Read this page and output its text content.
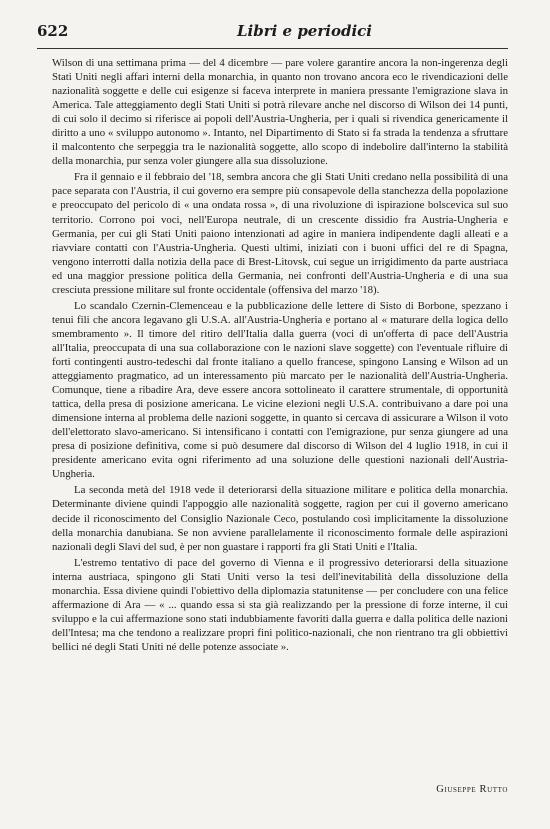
622	Libri e periodici

Wilson di una settimana prima — del 4 dicembre — pare volere garantire ancora la non-ingerenza degli Stati Uniti negli affari interni della monarchia, in quanto non trovano ancora eco le rivendicazioni delle nazionalità soggette e delle cui esigenze si faceva interprete in maniera pressante l'emigrazione slava in America. Tale atteggiamento degli Stati Uniti si potrà rilevare anche nel discorso di Wilson dei 14 punti, di cui solo il decimo si riferisce ai popoli dell'Austria-Ungheria, per i quali si rivendica genericamente il diritto a uno « sviluppo autonomo ». Intanto, nel Dipartimento di Stato si fa strada la tendenza a sfruttare il malcontento che serpeggia tra le nazionalità soggette, allo scopo di indebolire dall'interno la stabilità della monarchia, pur senza voler giungere alla sua dissoluzione.

Fra il gennaio e il febbraio del '18, sembra ancora che gli Stati Uniti credano nella possibilità di una pace separata con l'Austria, il cui governo era sempre più consapevole della stanchezza della popolazione e preoccupato del pericolo di « una ondata rossa », di una rivoluzione di ispirazione bolscevica sul suo territorio. Corrono poi voci, nell'Europa neutrale, di un crescente dissidio fra Austria-Ungheria e Germania, per cui gli Stati Uniti paiono intenzionati ad agire in maniera indipendente dagli alleati e a riavviare contatti con l'Austria-Ungheria. Questi ultimi, iniziati con i buoni uffici del re di Spagna, vengono interrotti dalla notizia della pace di Brest-Litovsk, cui segue un irrigidimento da parte austriaca ed una maggior pressione politica della Germania, nei confronti dell'Austria-Ungheria e di una sua cresciuta pressione militare sul fronte occidentale (offensiva del marzo '18).

Lo scandalo Czernin-Clemenceau e la pubblicazione delle lettere di Sisto di Borbone, spezzano i tenui fili che ancora legavano gli U.S.A. all'Austria-Ungheria e portano al « maturare della logica dello smembramento ». Il timore del ritiro dell'Italia dalla guerra (voci di un'offerta di pace dell'Austria all'Italia, preoccupata di una sua collaborazione con le nazioni slave soggette) con l'eventuale rifluire di forti contingenti austro-tedeschi dal fronte italiano a quello francese, spingono Lansing e Wilson ad un atteggiamento pragmatico, ad un interessamento più marcato per le nazionalità dell'Austria-Ungheria. Comunque, tiene a ribadire Ara, deve essere ancora sottolineato il carattere strumentale, di opportunità tattica, della presa di posizione americana. Le vicine elezioni negli U.S.A. contribuivano a dare poi una dimensione interna al problema delle nazioni soggette, in quanto si cercava di assicurare a Wilson il voto dell'elettorato slavo-americano. Si intensificano i contatti con l'emigrazione, pur senza giungere ad una presa di posizione definitiva, come si può desumere dal discorso di Wilson del 4 luglio 1918, in cui il presidente americano evita ogni riferimento ad una soluzione delle questioni nazionali dell'Austria-Ungheria.

La seconda metà del 1918 vede il deteriorarsi della situazione militare e politica della monarchia. Determinante diviene quindi l'appoggio alle nazionalità soggette, ragion per cui il governo americano decide il riconoscimento del Consiglio Nazionale Ceco, postulando così implicitamente la dissoluzione della monarchia danubiana. Se non avviene parallelamente il riconoscimento formale delle aspirazioni nazionali degli Slavi del sud, è per non guastare i rapporti fra gli Stati Uniti e l'Italia.

L'estremo tentativo di pace del governo di Vienna e il progressivo deteriorarsi della situazione interna austriaca, spingono gli Stati Uniti verso la tesi dell'inevitabilità della dissoluzione della monarchia. Essa diviene quindi l'obiettivo della diplomazia statunitense — per concludere con una felice affermazione di Ara — « ... quando essa si sta già realizzando per la pressione di forze interne, il cui sviluppo e la cui affermazione sono stati indubbiamente favoriti dalla guerra e dalla politica delle nazioni dell'Intesa; ma che tendono a realizzare propri fini politico-nazionali, che non rientrano tra gli obbiettivi bellici né degli Stati Uniti né delle potenze associate ».

Giuseppe Rutto
